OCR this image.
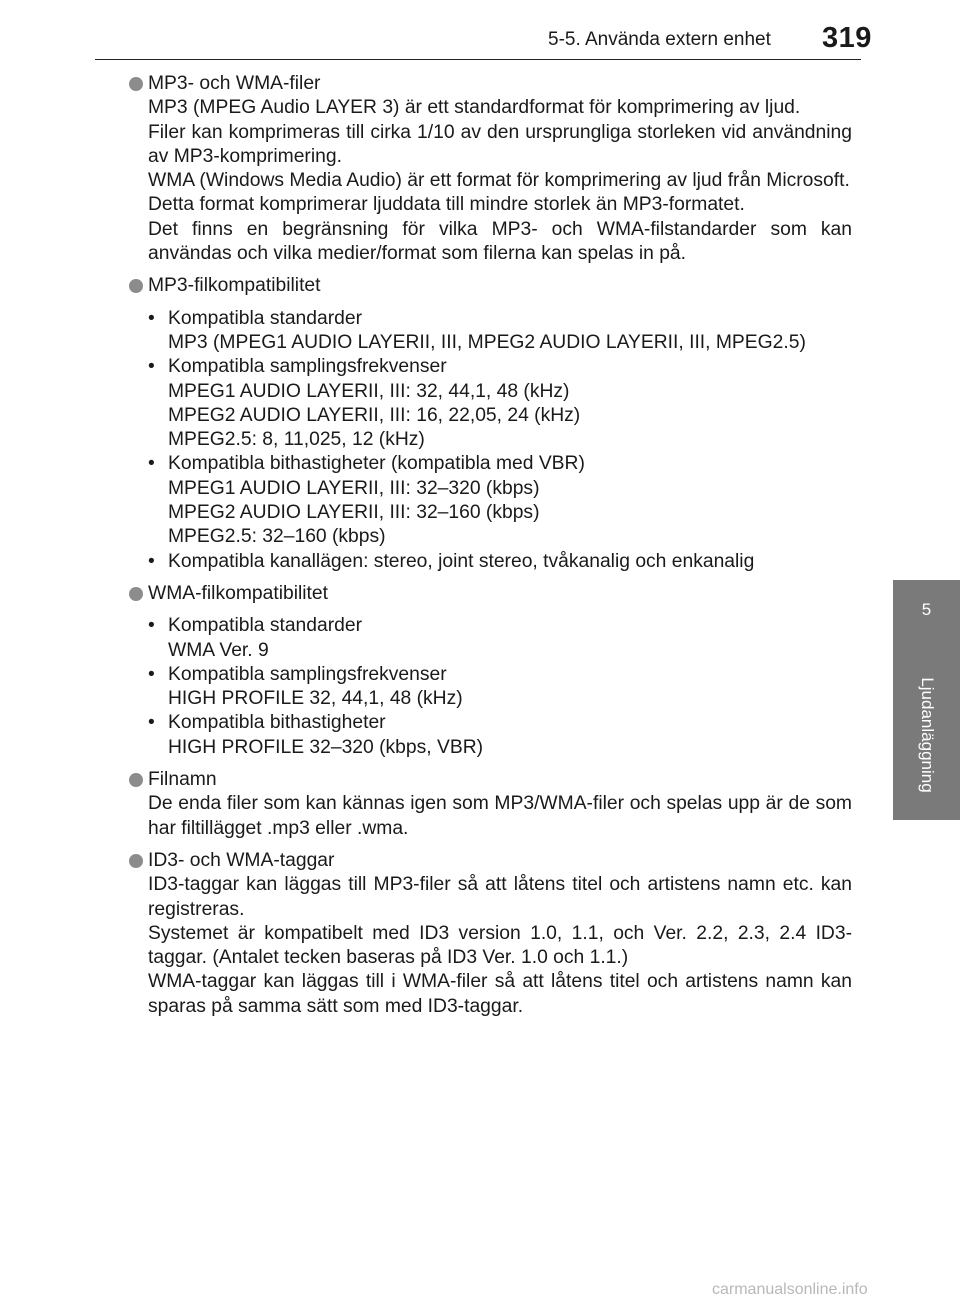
5-5. Använda extern enhet 319
5
Ljudanläggning
MP3- och WMA-filer

MP3 (MPEG Audio LAYER 3) är ett standardformat för komprimering av ljud.

Filer kan komprimeras till cirka 1/10 av den ursprungliga storleken vid användning av MP3-komprimering.

WMA (Windows Media Audio) är ett format för komprimering av ljud från Microsoft.

Detta format komprimerar ljuddata till mindre storlek än MP3-formatet.

Det finns en begränsning för vilka MP3- och WMA-filstandarder som kan användas och vilka medier/format som filerna kan spelas in på.

MP3-filkompatibilitet
• Kompatibla standarder
MP3 (MPEG1 AUDIO LAYERII, III, MPEG2 AUDIO LAYERII, III, MPEG2.5)
• Kompatibla samplingsfrekvenser
MPEG1 AUDIO LAYERII, III: 32, 44,1, 48 (kHz)
MPEG2 AUDIO LAYERII, III: 16, 22,05, 24 (kHz)
MPEG2.5: 8, 11,025, 12 (kHz)
• Kompatibla bithastigheter (kompatibla med VBR)
MPEG1 AUDIO LAYERII, III: 32–320 (kbps)
MPEG2 AUDIO LAYERII, III: 32–160 (kbps)
MPEG2.5: 32–160 (kbps)
• Kompatibla kanallägen: stereo, joint stereo, tvåkanalig och enkanalig
WMA-filkompatibilitet
• Kompatibla standarder
WMA Ver. 9
• Kompatibla samplingsfrekvenser
HIGH PROFILE 32, 44,1, 48 (kHz)
• Kompatibla bithastigheter
HIGH PROFILE 32–320 (kbps, VBR)
Filnamn

De enda filer som kan kännas igen som MP3/WMA-filer och spelas upp är de som har filtillägget .mp3 eller .wma.

ID3- och WMA-taggar

ID3-taggar kan läggas till MP3-filer så att låtens titel och artistens namn etc. kan registreras.

Systemet är kompatibelt med ID3 version 1.0, 1.1, och Ver. 2.2, 2.3, 2.4 ID3-taggar. (Antalet tecken baseras på ID3 Ver. 1.0 och 1.1.)

WMA-taggar kan läggas till i WMA-filer så att låtens titel och artistens namn kan sparas på samma sätt som med ID3-taggar.

carmanualsonline.info
